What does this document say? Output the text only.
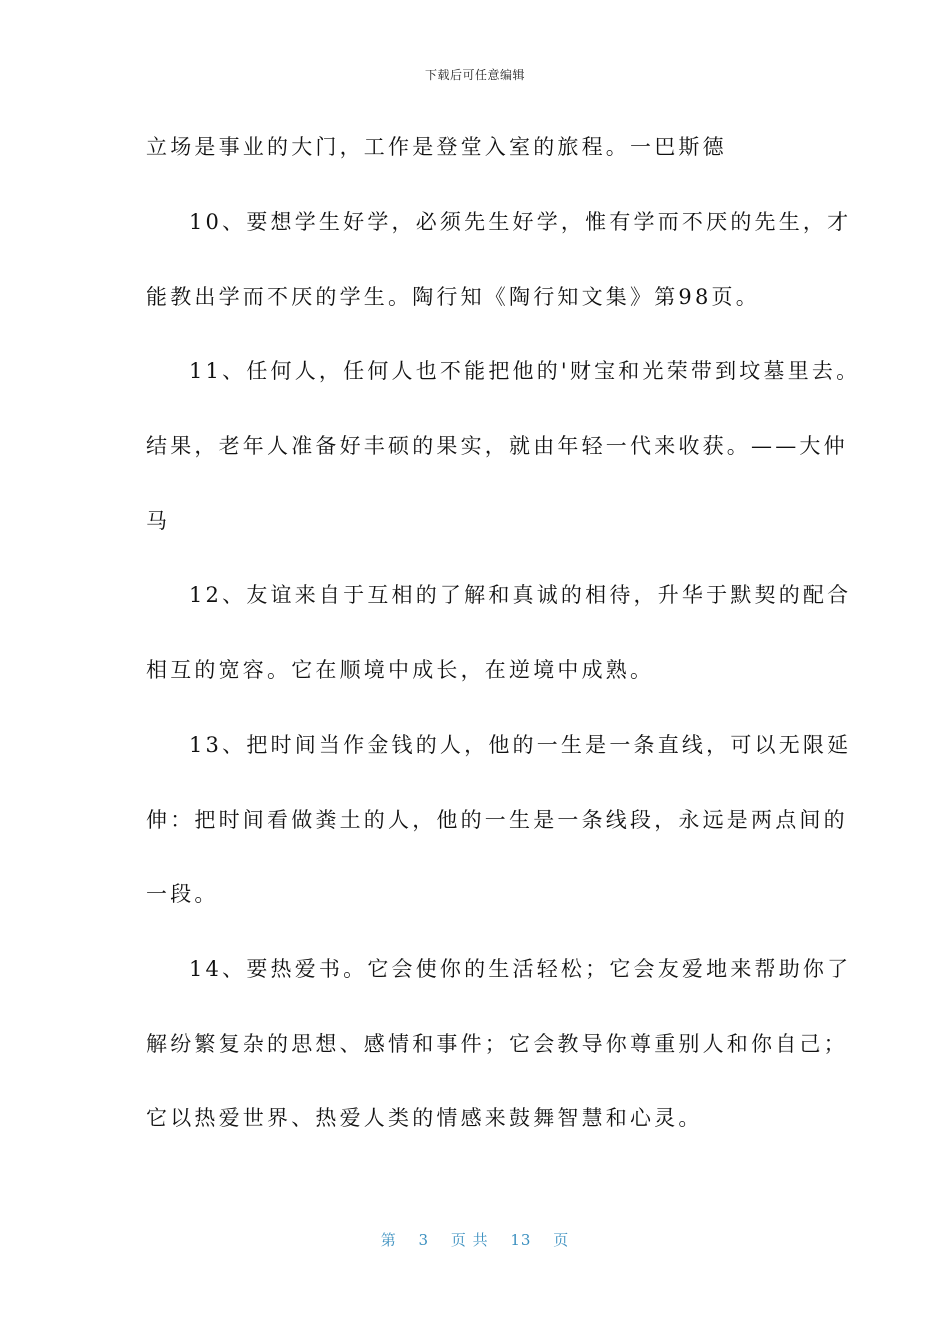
下载后可任意编辑
立场是事业的大门，工作是登堂入室的旅程。一巴斯德
10、要想学生好学，必须先生好学，惟有学而不厌的先生，才
能教出学而不厌的学生。陶行知《陶行知文集》第98页。
11、任何人，任何人也不能把他的'财宝和光荣带到坟墓里去。
结果，老年人准备好丰硕的果实，就由年轻一代来收获。——大仲
马
12、友谊来自于互相的了解和真诚的相待，升华于默契的配合
相互的宽容。它在顺境中成长，在逆境中成熟。
13、把时间当作金钱的人，他的一生是一条直线，可以无限延
伸：把时间看做粪土的人，他的一生是一条线段，永远是两点间的
一段。
14、要热爱书。它会使你的生活轻松；它会友爱地来帮助你了
解纷繁复杂的思想、感情和事件；它会教导你尊重别人和你自己；
它以热爱世界、热爱人类的情感来鼓舞智慧和心灵。
第 3 页 共 13 页
